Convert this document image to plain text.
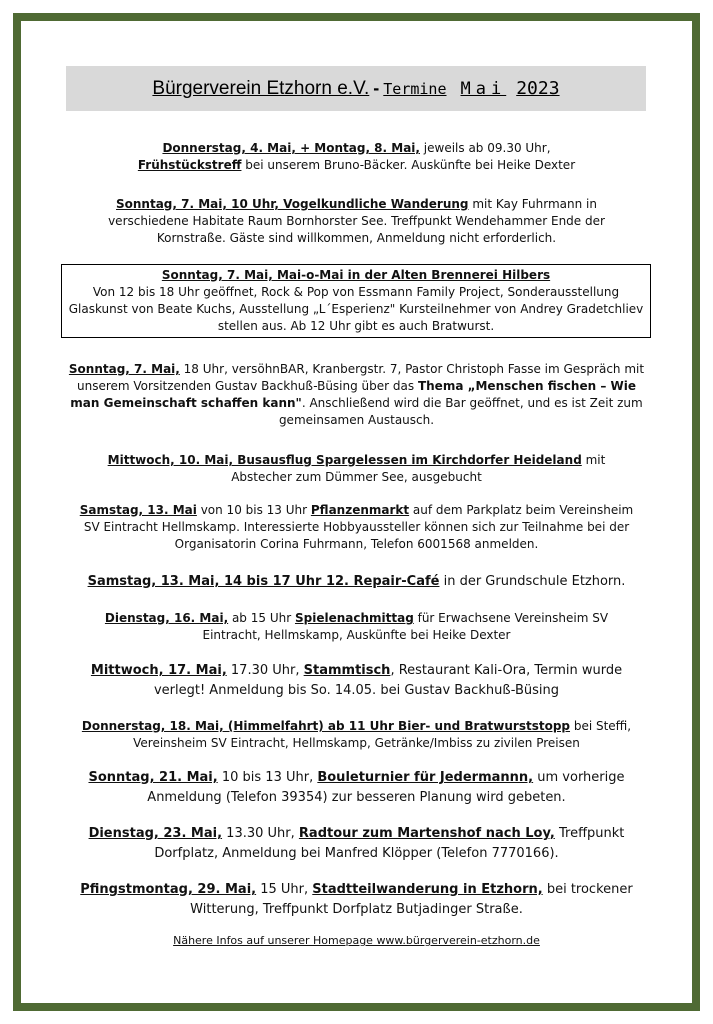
Bürgerverein Etzhorn e.V. - Termine Mai 2023
Donnerstag, 4. Mai, + Montag, 8. Mai, jeweils ab 09.30 Uhr,
Frühstückstreff bei unserem Bruno-Bäcker. Auskünfte bei Heike Dexter
Sonntag, 7. Mai, 10 Uhr, Vogelkundliche Wanderung mit Kay Fuhrmann in verschiedene Habitate Raum Bornhorster See. Treffpunkt Wendehammer Ende der Kornstraße. Gäste sind willkommen, Anmeldung nicht erforderlich.
Sonntag, 7. Mai, Mai-o-Mai in der Alten Brennerei Hilbers
Von 12 bis 18 Uhr geöffnet, Rock & Pop von Essmann Family Project, Sonderausstellung Glaskunst von Beate Kuchs, Ausstellung „L´Esperienz" Kursteilnehmer von Andrey Gradetchliev stellen aus. Ab 12 Uhr gibt es auch Bratwurst.
Sonntag, 7. Mai, 18 Uhr, versöhnBAR, Kranbergstr. 7, Pastor Christoph Fasse im Gespräch mit unserem Vorsitzenden Gustav Backhuß-Büsing über das Thema „Menschen fischen – Wie man Gemeinschaft schaffen kann". Anschließend wird die Bar geöffnet, und es ist Zeit zum gemeinsamen Austausch.
Mittwoch, 10. Mai, Busausflug Spargelessen im Kirchdorfer Heideland mit Abstecher zum Dümmer See, ausgebucht
Samstag, 13. Mai von 10 bis 13 Uhr Pflanzenmarkt auf dem Parkplatz beim Vereinsheim SV Eintracht Hellmskamp. Interessierte Hobbyaussteller können sich zur Teilnahme bei der Organisatorin Corina Fuhrmann, Telefon 6001568 anmelden.
Samstag, 13. Mai, 14 bis 17 Uhr 12. Repair-Café in der Grundschule Etzhorn.
Dienstag, 16. Mai, ab 15 Uhr Spielenachmittag für Erwachsene Vereinsheim SV Eintracht, Hellmskamp, Auskünfte bei Heike Dexter
Mittwoch, 17. Mai, 17.30 Uhr, Stammtisch, Restaurant Kali-Ora, Termin wurde verlegt! Anmeldung bis So. 14.05. bei Gustav Backhuß-Büsing
Donnerstag, 18. Mai, (Himmelfahrt) ab 11 Uhr Bier- und Bratwurststopp bei Steffi, Vereinsheim SV Eintracht, Hellmskamp, Getränke/Imbiss zu zivilen Preisen
Sonntag, 21. Mai, 10 bis 13 Uhr, Bouleturnier für Jedermannn, um vorherige Anmeldung (Telefon 39354) zur besseren Planung wird gebeten.
Dienstag, 23. Mai, 13.30 Uhr, Radtour zum Martenshof nach Loy, Treffpunkt Dorfplatz, Anmeldung bei Manfred Klöpper (Telefon 7770166).
Pfingstmontag, 29. Mai, 15 Uhr, Stadtteilwanderung in Etzhorn, bei trockener Witterung, Treffpunkt Dorfplatz Butjadinger Straße.
Nähere Infos auf unserer Homepage www.bürgerverein-etzhorn.de
